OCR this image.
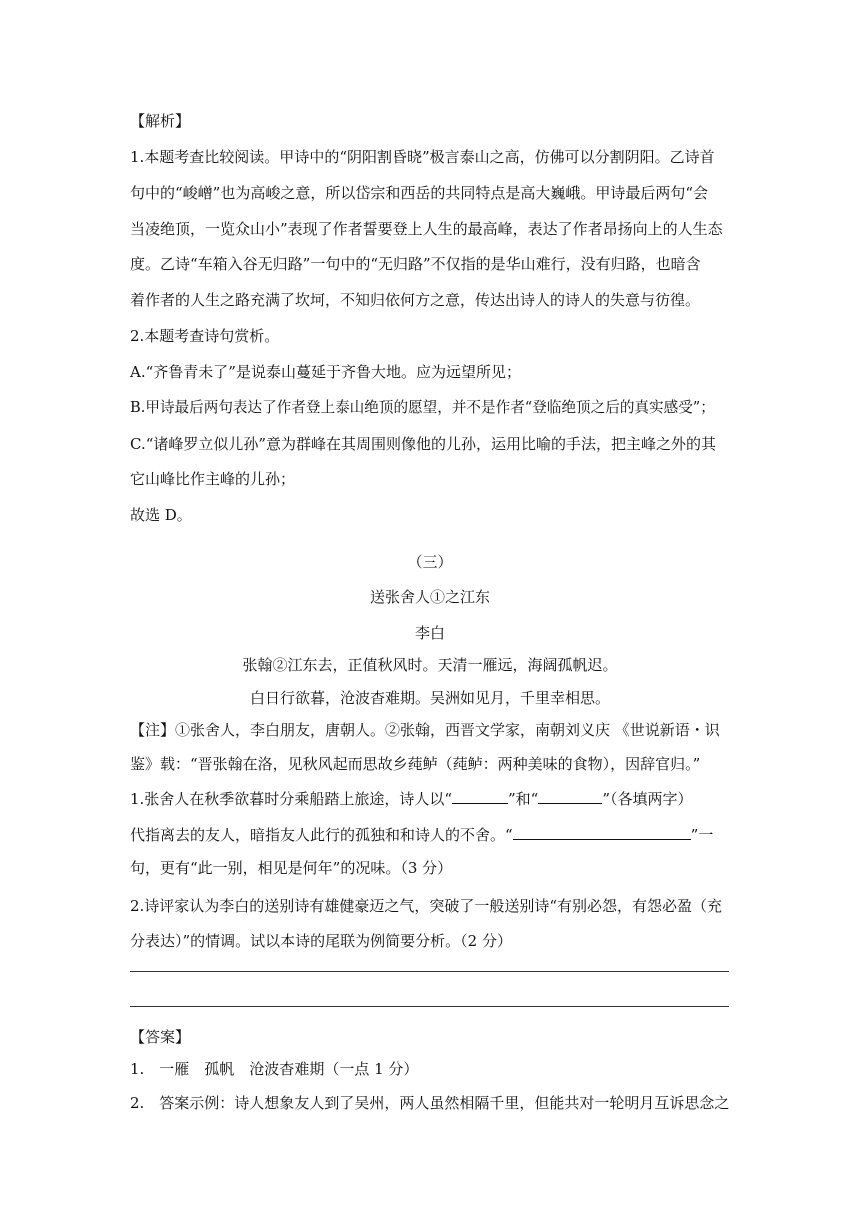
【解析】
1.本题考查比较阅读。甲诗中的“阴阳割昏晓”极言泰山之高，仿佛可以分割阴阳。乙诗首
句中的“峻嶒”也为高峻之意，所以岱宗和西岳的共同特点是高大巍峨。甲诗最后两句“会
当凌绝顶，一览众山小”表现了作者誓要登上人生的最高峰，表达了作者昂扬向上的人生态
度。乙诗“车箱入谷无归路”一句中的“无归路”不仅指的是华山难行，没有归路，也暗含
着作者的人生之路充满了坎坷，不知归依何方之意，传达出诗人的诗人的失意与彷徨。
2.本题考查诗句赏析。
A.“齐鲁青未了”是说泰山蔓延于齐鲁大地。应为远望所见；
B.甲诗最后两句表达了作者登上泰山绝顶的愿望，并不是作者“登临绝顶之后的真实感受”；
C.“诸峰罗立似儿孙”意为群峰在其周围则像他的儿孙，运用比喻的手法，把主峰之外的其
它山峰比作主峰的儿孙；
故选 D。
（三）
送张舍人①之江东
李白
张翰②江东去，正值秋风时。天清一雁远，海阔孤帆迟。
白日行欲暮，沧波杳难期。吴洲如见月，千里幸相思。
【注】①张舍人，李白朋友，唐朝人。②张翰，西晋文学家，南朝刘义庆 《世说新语・识
鉴》载：“晋张翰在洛，见秋风起而思故乡莼鲈（莼鲈：两种美味的食物），因辞官归。”
1.张舍人在秋季欲暮时分乘船踏上旅途，诗人以“	”和“	”（各填两字）
代指离去的友人，暗指友人此行的孤独和和诗人的不舍。“	”一
句，更有“此一别，相见是何年”的况味。（3 分）
2.诗评家认为李白的送别诗有雄健豪迈之气，突破了一般送别诗“有别必怨，有怨必盈（充
分表达）”的情调。试以本诗的尾联为例简要分析。（2 分）
【答案】
1.　一雁　孤帆　沧波杳难期（一点 1 分）
2.　答案示例：诗人想象友人到了吴州，两人虽然相隔千里，但能共对一轮明月互诉思念之
